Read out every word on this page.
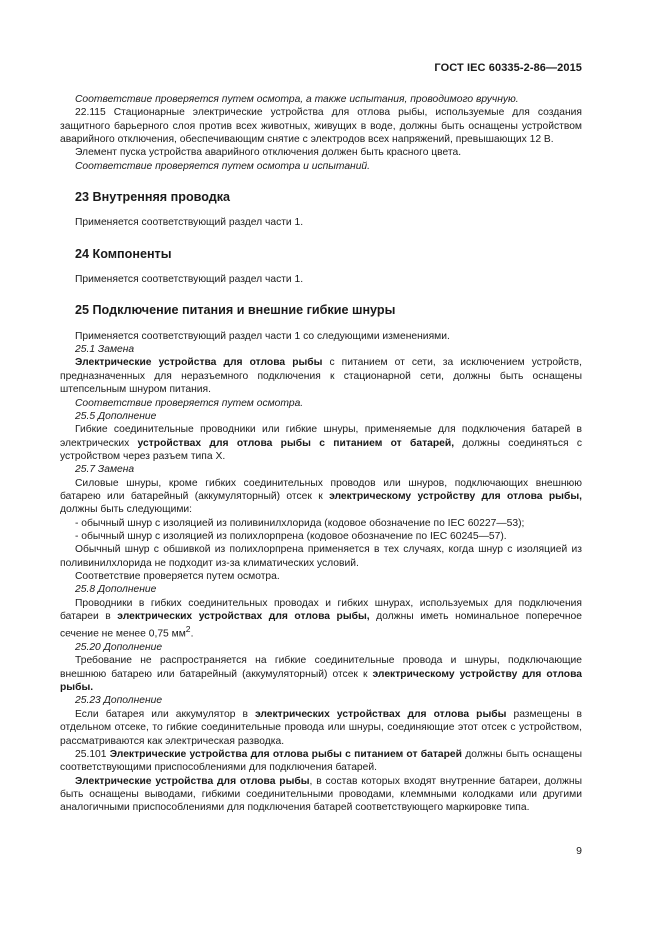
ГОСТ IEC 60335-2-86—2015

Соответствие проверяется путем осмотра, а также испытания, проводимого вручную.

22.115 Стационарные электрические устройства для отлова рыбы, используемые для создания защитного барьерного слоя против всех животных, живущих в воде, должны быть оснащены устройством аварийного отключения, обеспечивающим снятие с электродов всех напряжений, превышающих 12 В.

Элемент пуска устройства аварийного отключения должен быть красного цвета.

Соответствие проверяется путем осмотра и испытаний.

23 Внутренняя проводка

Применяется соответствующий раздел части 1.

24 Компоненты

Применяется соответствующий раздел части 1.

25 Подключение питания и внешние гибкие шнуры

Применяется соответствующий раздел части 1 со следующими изменениями.

25.1 Замена

Электрические устройства для отлова рыбы с питанием от сети, за исключением устройств, предназначенных для неразъемного подключения к стационарной сети, должны быть оснащены штепсельным шнуром питания.

Соответствие проверяется путем осмотра.

25.5 Дополнение

Гибкие соединительные проводники или гибкие шнуры, применяемые для подключения батарей в электрических устройствах для отлова рыбы с питанием от батарей, должны соединяться с устройством через разъем типа X.

25.7 Замена

Силовые шнуры, кроме гибких соединительных проводов или шнуров, подключающих внешнюю батарею или батарейный (аккумуляторный) отсек к электрическому устройству для отлова рыбы, должны быть следующими:

- обычный шнур с изоляцией из поливинилхлорида (кодовое обозначение по IEC 60227—53);

- обычный шнур с изоляцией из полихлорпрена (кодовое обозначение по IEC 60245—57).

Обычный шнур с обшивкой из полихлорпрена применяется в тех случаях, когда шнур с изоляцией из поливинилхлорида не подходит из-за климатических условий.

Соответствие проверяется путем осмотра.

25.8 Дополнение

Проводники в гибких соединительных проводах и гибких шнурах, используемых для подключения батареи в электрических устройствах для отлова рыбы, должны иметь номинальное поперечное сечение не менее 0,75 $мм^2$.

25.20 Дополнение

Требование не распространяется на гибкие соединительные провода и шнуры, подключающие внешнюю батарею или батарейный (аккумуляторный) отсек к электрическому устройству для отлова рыбы.

25.23 Дополнение

Если батарея или аккумулятор в электрических устройствах для отлова рыбы размещены в отдельном отсеке, то гибкие соединительные провода или шнуры, соединяющие этот отсек с устройством, рассматриваются как электрическая разводка.

25.101 Электрические устройства для отлова рыбы с питанием от батарей должны быть оснащены соответствующими приспособлениями для подключения батарей.

Электрические устройства для отлова рыбы, в состав которых входят внутренние батареи, должны быть оснащены выводами, гибкими соединительными проводами, клеммными колодками или другими аналогичными приспособлениями для подключения батарей соответствующего маркировке типа.

9
